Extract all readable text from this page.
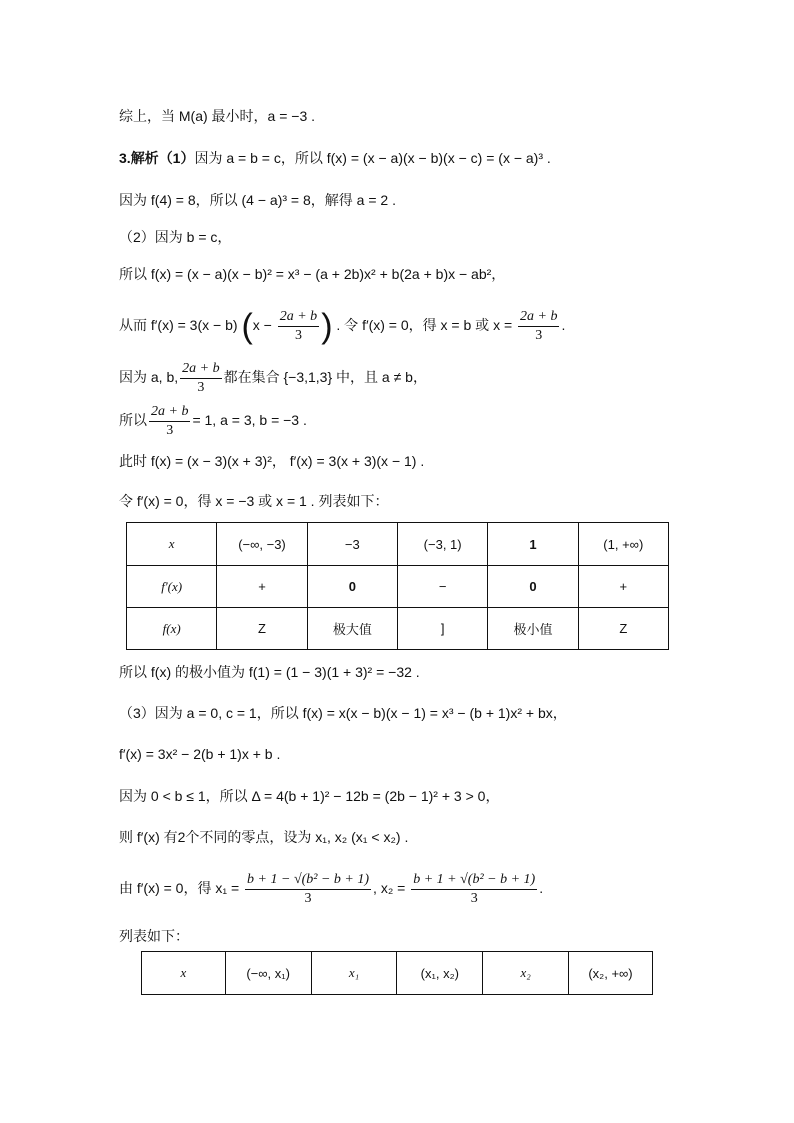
综上，当 M(a) 最小时，a = −3 .
3.解析（1）因为 a = b = c，所以 f(x) = (x − a)(x − b)(x − c) = (x − a)³ .
因为 f(4) = 8，所以 (4 − a)³ = 8，解得 a = 2 .
（2）因为 b = c，
所以 f(x) = (x − a)(x − b)² = x³ − (a + 2b)x² + b(2a + b)x − ab²，
从而 f′(x) = 3(x − b) ($x - \frac{2a + b}{3}$ ) . 令 f′(x) = 0，得 x = b 或 $x = \frac{2a + b}{3}$ .
因为 a, b, $\frac{2a + b}{3}$ 都在集合 {−3,1,3} 中，且 a ≠ b，
所以 $\frac{2a + b}{3} = 1$, a = 3, b = −3 .
此时 f(x) = (x − 3)(x + 3)²， f′(x) = 3(x + 3)(x − 1) .
令 f′(x) = 0，得 x = −3 或 x = 1 . 列表如下：
x	(−∞, −3)	−3	(−3, 1)	1	(1, +∞)
f′(x)	+	0	−	0	+
f(x)	Z	极大值	]	极小值	Z
所以 f(x) 的极小值为 f(1) = (1 − 3)(1 + 3)² = −32 .
（3）因为 a = 0, c = 1，所以 f(x) = x(x − b)(x − 1) = x³ − (b + 1)x² + bx，
f′(x) = 3x² − 2(b + 1)x + b .
因为 0 < b ≤ 1，所以 Δ = 4(b + 1)² − 12b = (2b − 1)² + 3 > 0，
则 f′(x) 有2个不同的零点，设为 x₁, x₂ (x₁ < x₂) .
由 f′(x) = 0，得 $x_1 = \frac{\text{b + 1 − √(b² − b + 1)}}{3}$ , $x_2 = \frac{\text{b + 1 + √(b² − b + 1)}}{3}$ .
列表如下：
x	(−∞, x₁)	x₁	(x₁, x₂)	x₂	(x₂, +∞)
